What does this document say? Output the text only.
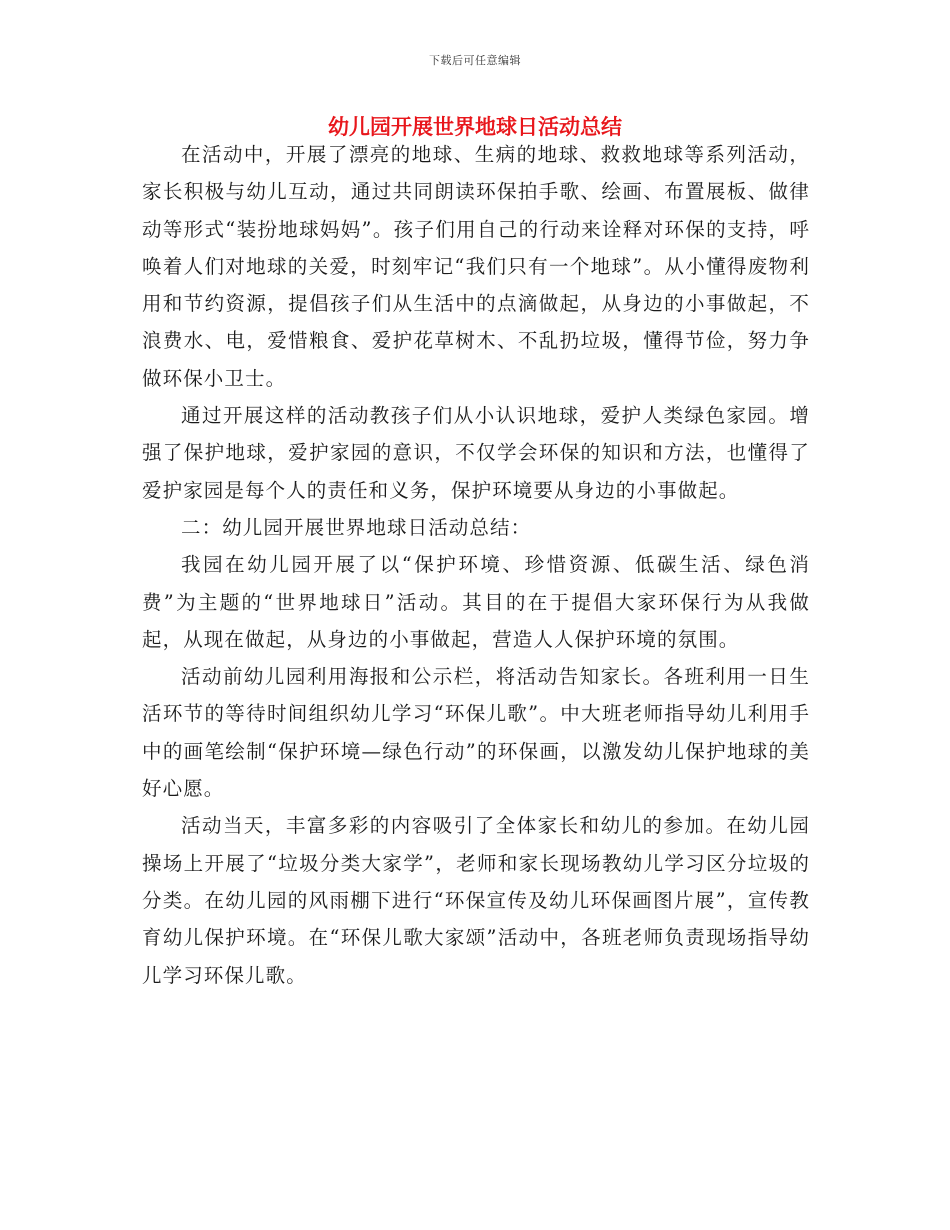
下载后可任意编辑
幼儿园开展世界地球日活动总结

在活动中，开展了漂亮的地球、生病的地球、救救地球等系列活动，家长积极与幼儿互动，通过共同朗读环保拍手歌、绘画、布置展板、做律动等形式“装扮地球妈妈”。孩子们用自己的行动来诠释对环保的支持，呼唤着人们对地球的关爱，时刻牢记“我们只有一个地球”。从小懂得废物利用和节约资源，提倡孩子们从生活中的点滴做起，从身边的小事做起，不浪费水、电，爱惜粮食、爱护花草树木、不乱扔垃圾，懂得节俭，努力争做环保小卫士。

通过开展这样的活动教孩子们从小认识地球，爱护人类绿色家园。增强了保护地球，爱护家园的意识，不仅学会环保的知识和方法，也懂得了爱护家园是每个人的责任和义务，保护环境要从身边的小事做起。

二：幼儿园开展世界地球日活动总结：

我园在幼儿园开展了以“保护环境、珍惜资源、低碳生活、绿色消费”为主题的“世界地球日”活动。其目的在于提倡大家环保行为从我做起，从现在做起，从身边的小事做起，营造人人保护环境的氛围。

活动前幼儿园利用海报和公示栏，将活动告知家长。各班利用一日生活环节的等待时间组织幼儿学习“环保儿歌”。中大班老师指导幼儿利用手中的画笔绘制“保护环境—绿色行动”的环保画，以激发幼儿保护地球的美好心愿。

活动当天，丰富多彩的内容吸引了全体家长和幼儿的参加。在幼儿园操场上开展了“垃圾分类大家学”，老师和家长现场教幼儿学习区分垃圾的分类。在幼儿园的风雨棚下进行“环保宣传及幼儿环保画图片展”，宣传教育幼儿保护环境。在“环保儿歌大家颂”活动中，各班老师负责现场指导幼儿学习环保儿歌。
